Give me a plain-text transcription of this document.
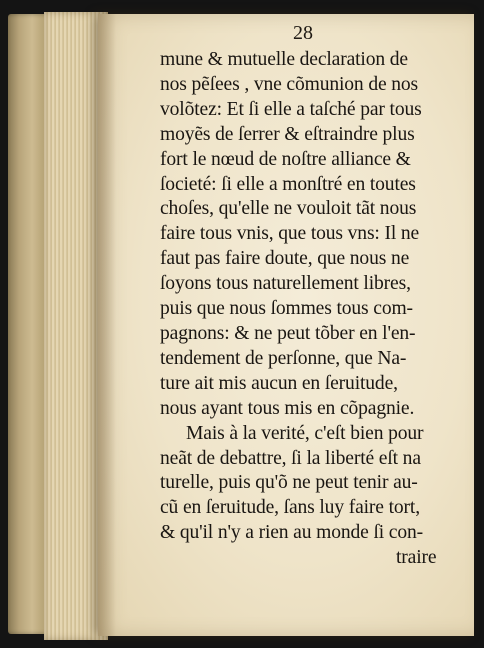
28
mune & mutuelle declaration de
nos pẽſees , vne cõmunion de nos
volõtez: Et ſi elle a taſché par tous
moyẽs de ſerrer & eſtraindre plus
fort le nœud de noſtre alliance &
ſocieté: ſi elle a monſtré en toutes
choſes, qu'elle ne vouloit tãt nous
faire tous vnis, que tous vns: Il ne
faut pas faire doute, que nous ne
ſoyons tous naturellement libres,
puis que nous ſommes tous com-
pagnons: & ne peut tõber en l'en-
tendement de perſonne, que Na-
ture ait mis aucun en ſeruitude,
nous ayant tous mis en cõpagnie.
Mais à la verité, c'eſt bien pour
neãt de debattre, ſi la liberté eſt na
turelle, puis qu'õ ne peut tenir au-
cũ en ſeruitude, ſans luy faire tort,
& qu'il n'y a rien au monde ſi con-
traire
